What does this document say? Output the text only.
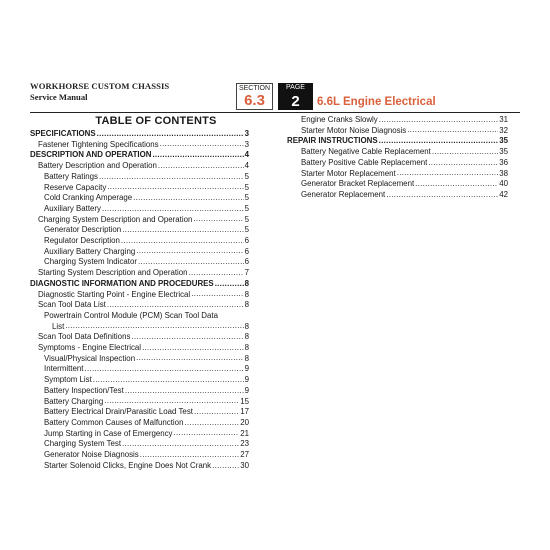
WORKHORSE CUSTOM CHASSIS
Service Manual
SECTION
6.3
PAGE
2	6.6L Engine Electrical
TABLE OF CONTENTS
SPECIFICATIONS .....	3
Fastener Tightening Specifications .....	3
DESCRIPTION AND OPERATION .....	4
Battery Description and Operation .....	4
Battery Ratings .....	5
Reserve Capacity .....	5
Cold Cranking Amperage .....	5
Auxiliary Battery .....	5
Charging System Description and Operation .....	5
Generator Description .....	5
Regulator Description .....	6
Auxiliary Battery Charging .....	6
Charging System Indicator .....	6
Starting System Description and Operation .....	7
DIAGNOSTIC INFORMATION AND PROCEDURES .....	8
Diagnostic Starting Point - Engine Electrical .....	8
Scan Tool Data List .....	8
Powertrain Control Module (PCM) Scan Tool Data
List .....	8
Scan Tool Data Definitions .....	8
Symptoms - Engine Electrical .....	8
Visual/Physical Inspection .....	8
Intermittent .....	9
Symptom List .....	9
Battery Inspection/Test .....	9
Battery Charging .....	15
Battery Electrical Drain/Parasitic Load Test .....	17
Battery Common Causes of Malfunction .....	20
Jump Starting in Case of Emergency .....	21
Charging System Test .....	23
Generator Noise Diagnosis .....	27
Starter Solenoid Clicks, Engine Does Not Crank .....	30
Engine Cranks Slowly .....	31
Starter Motor Noise Diagnosis .....	32
REPAIR INSTRUCTIONS .....	35
Battery Negative Cable Replacement .....	35
Battery Positive Cable Replacement .....	36
Starter Motor Replacement .....	38
Generator Bracket Replacement .....	40
Generator Replacement .....	42
